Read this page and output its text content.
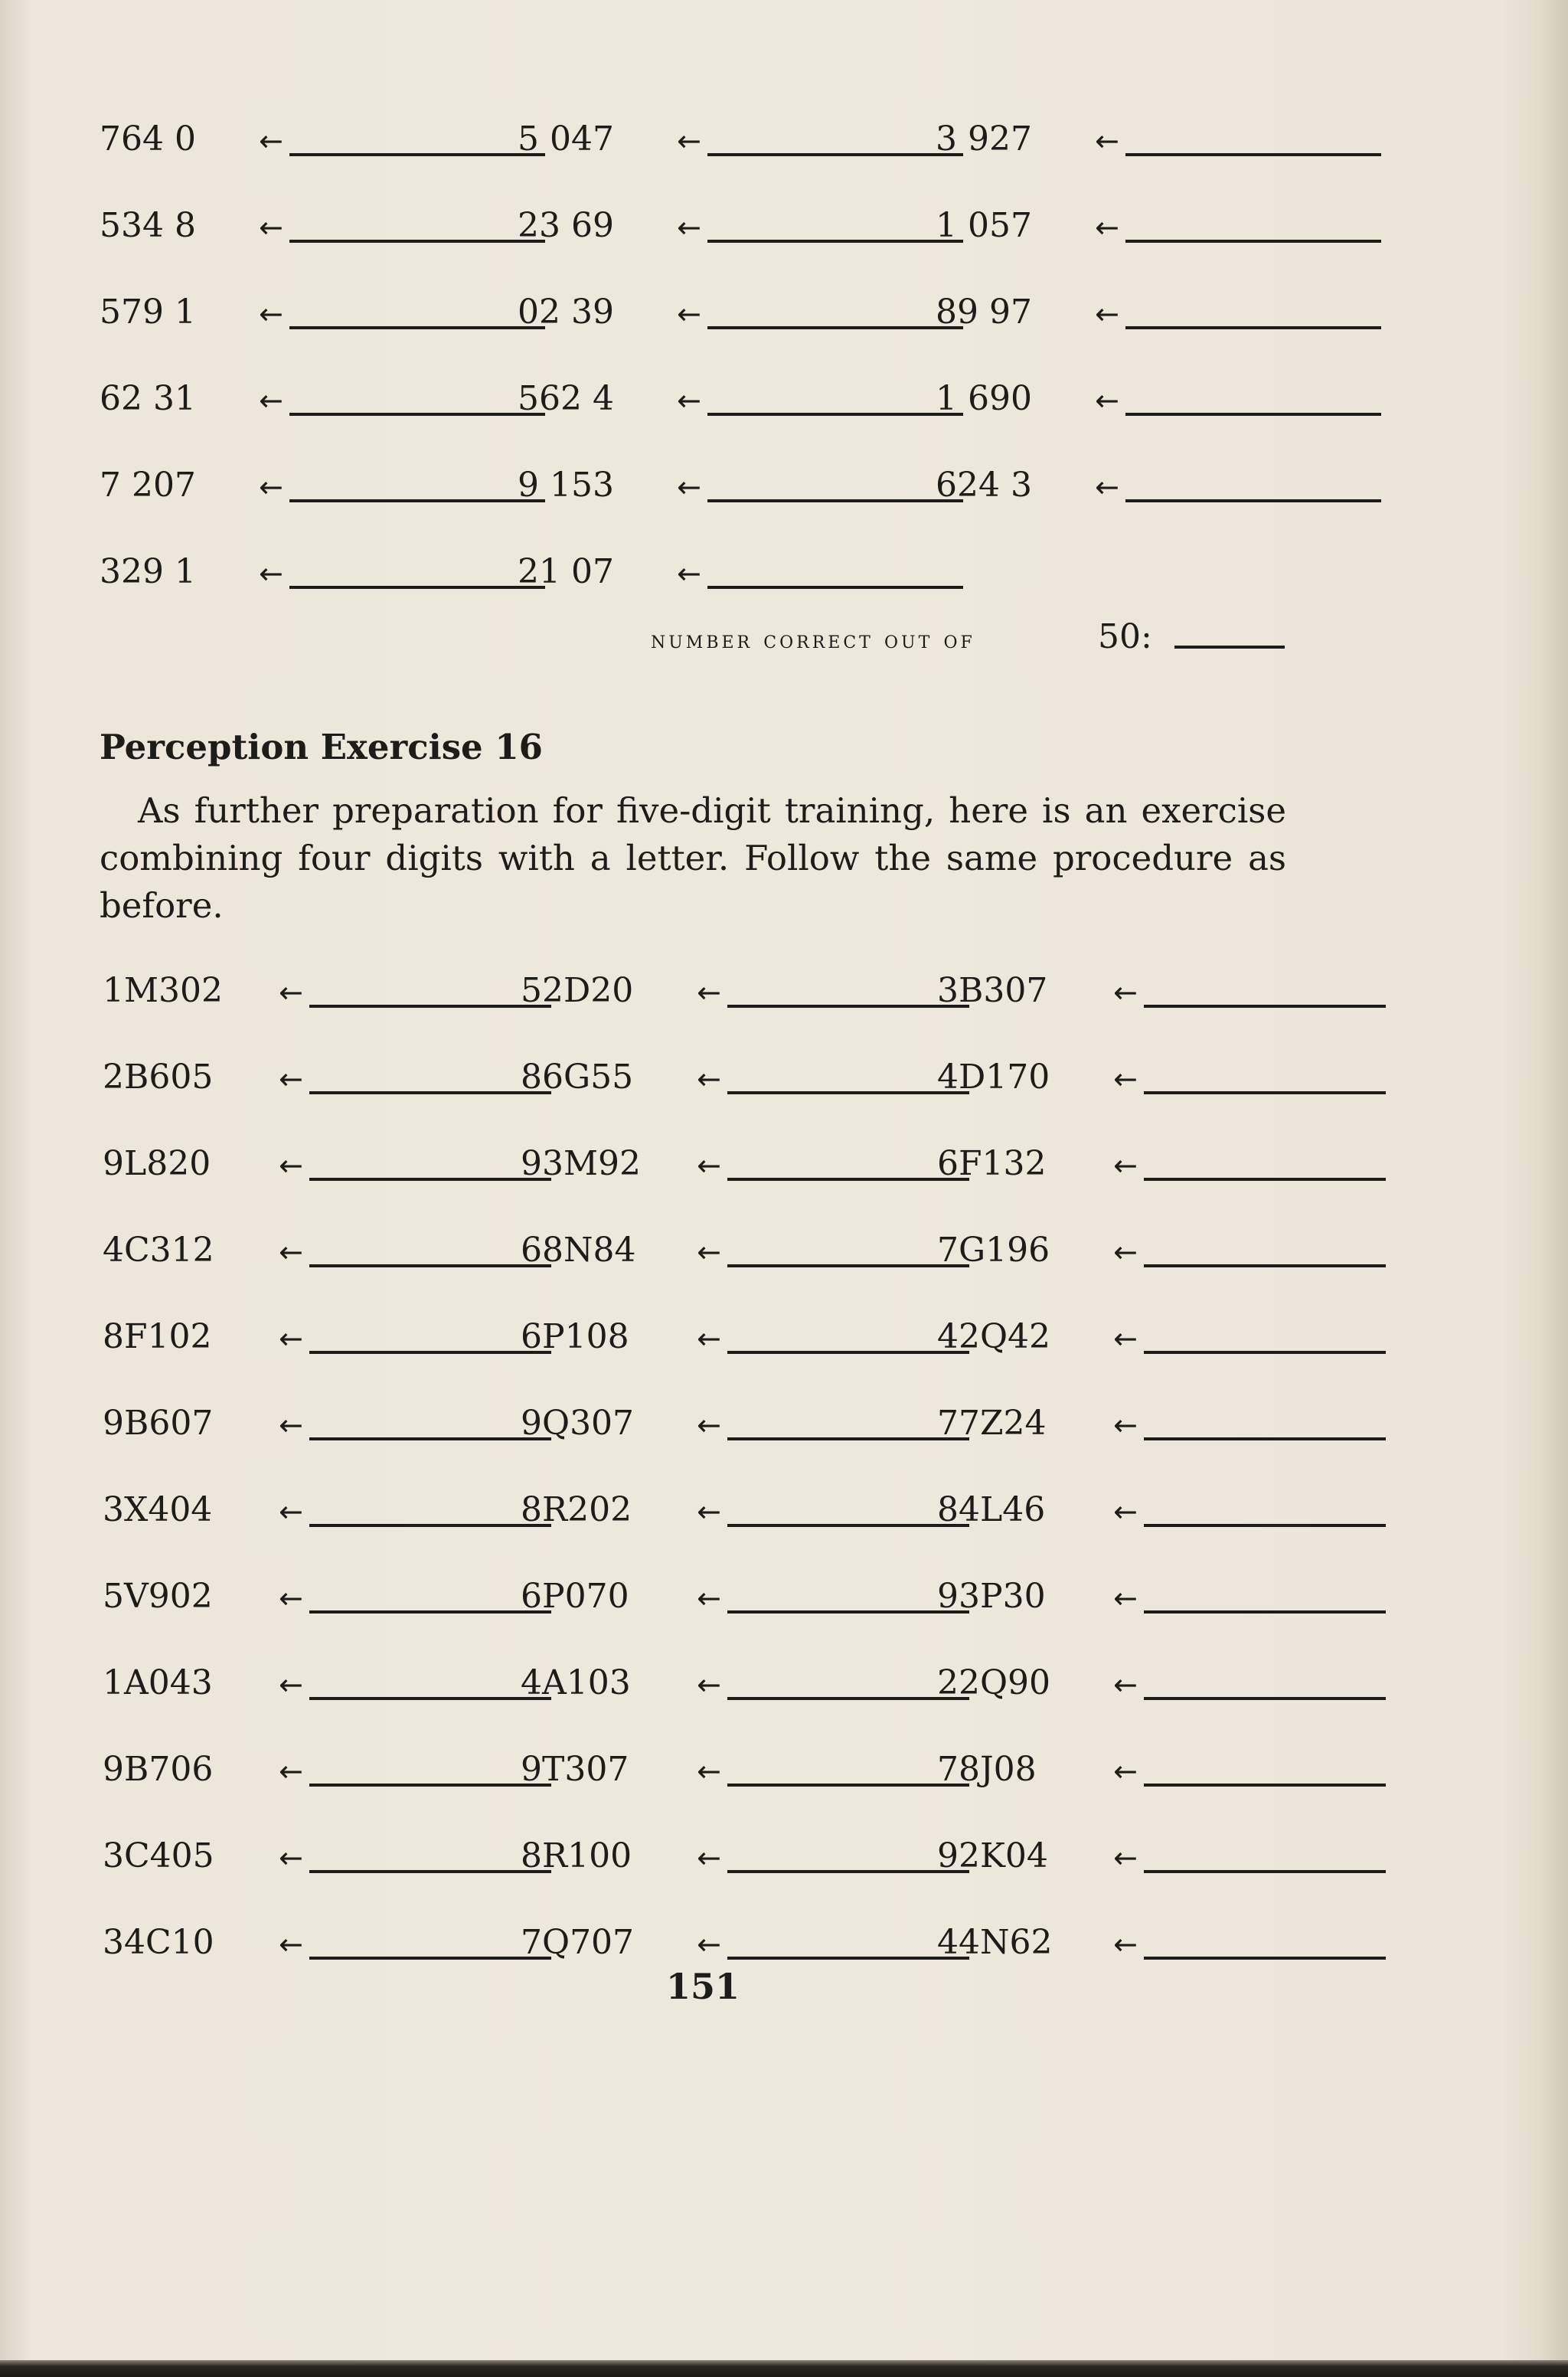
764 0 ←
534 8 ←
579 1 ←
62 31 ←
7 207 ←
329 1 ←
5 047 ←
23 69 ←
02 39 ←
562 4 ←
9 153 ←
21 07 ←
3 927 ←
1 057 ←
89 97 ←
1 690 ←
624 3 ←
number correct out of	50:
Perception Exercise 16
As further preparation for five-digit training, here is an exercise combining four digits with a letter. Follow the same procedure as before.
1M302 ←
2B605 ←
9L820 ←
4C312 ←
8F102 ←
9B607 ←
3X404 ←
5V902 ←
1A043 ←
9B706 ←
3C405 ←
34C10 ←
52D20 ←
86G55 ←
93M92 ←
68N84 ←
6P108 ←
9Q307 ←
8R202 ←
6P070 ←
4A103 ←
9T307 ←
8R100 ←
7Q707 ←
3B307 ←
4D170 ←
6F132 ←
7G196 ←
42Q42 ←
77Z24 ←
84L46 ←
93P30 ←
22Q90 ←
78J08	←
92K04 ←
44N62 ←
151
